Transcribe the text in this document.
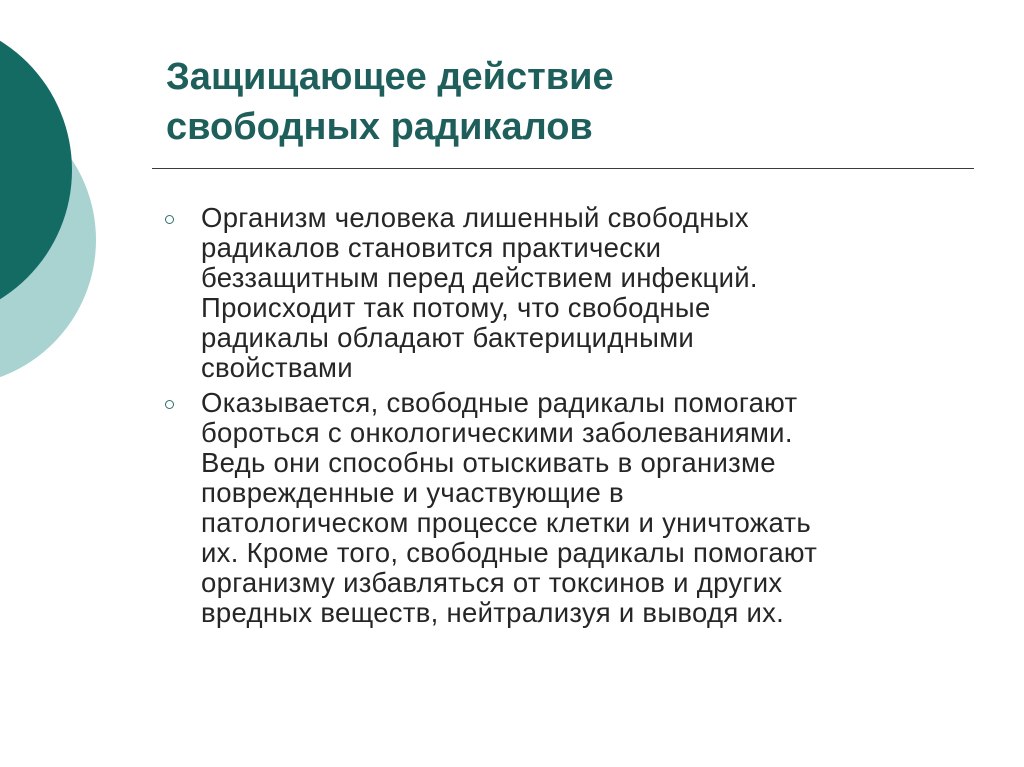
Защищающее действие
свободных радикалов
Организм человека лишенный свободных
радикалов становится практически
беззащитным перед действием инфекций.
Происходит так потому, что свободные
радикалы обладают бактерицидными
свойствами
Оказывается, свободные радикалы помогают
бороться с онкологическими заболеваниями.
Ведь они способны отыскивать в организме
поврежденные и участвующие в
патологическом процессе клетки и уничтожать
их. Кроме того, свободные радикалы помогают
организму избавляться от токсинов и других
вредных веществ, нейтрализуя и выводя их.
